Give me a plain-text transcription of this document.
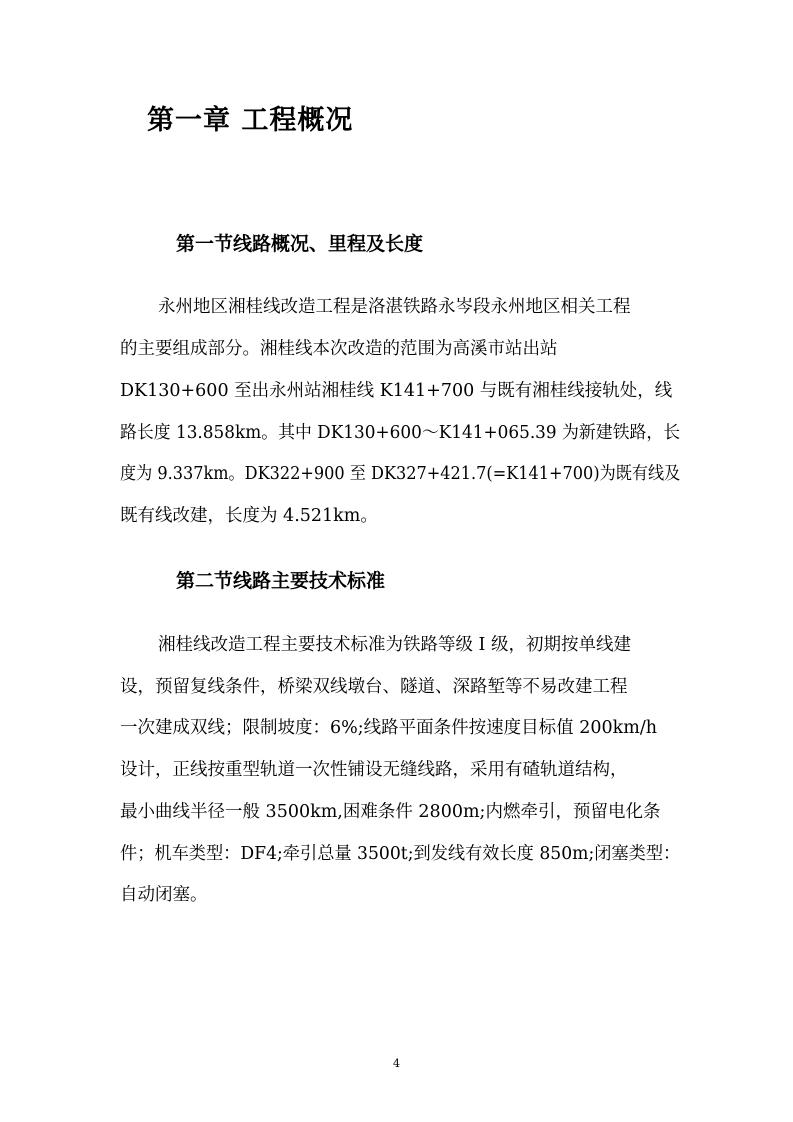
第一章 工程概况
第一节线路概况、里程及长度
永州地区湘桂线改造工程是洛湛铁路永岑段永州地区相关工程
的主要组成部分。湘桂线本次改造的范围为高溪市站出站
DK130+600 至出永州站湘桂线 K141+700 与既有湘桂线接轨处，线
路长度 13.858km。其中 DK130+600～K141+065.39 为新建铁路，长
度为 9.337km。DK322+900 至 DK327+421.7(=K141+700)为既有线及
既有线改建，长度为 4.521km。
第二节线路主要技术标准
湘桂线改造工程主要技术标准为铁路等级 I 级，初期按单线建
设，预留复线条件，桥梁双线墩台、隧道、深路堑等不易改建工程
一次建成双线；限制坡度：6%;线路平面条件按速度目标值 200km/h
设计，正线按重型轨道一次性铺设无缝线路，采用有碴轨道结构，
最小曲线半径一般 3500km,困难条件 2800m;内燃牵引，预留电化条
件；机车类型：DF4;牵引总量 3500t;到发线有效长度 850m;闭塞类型：
自动闭塞。
4
